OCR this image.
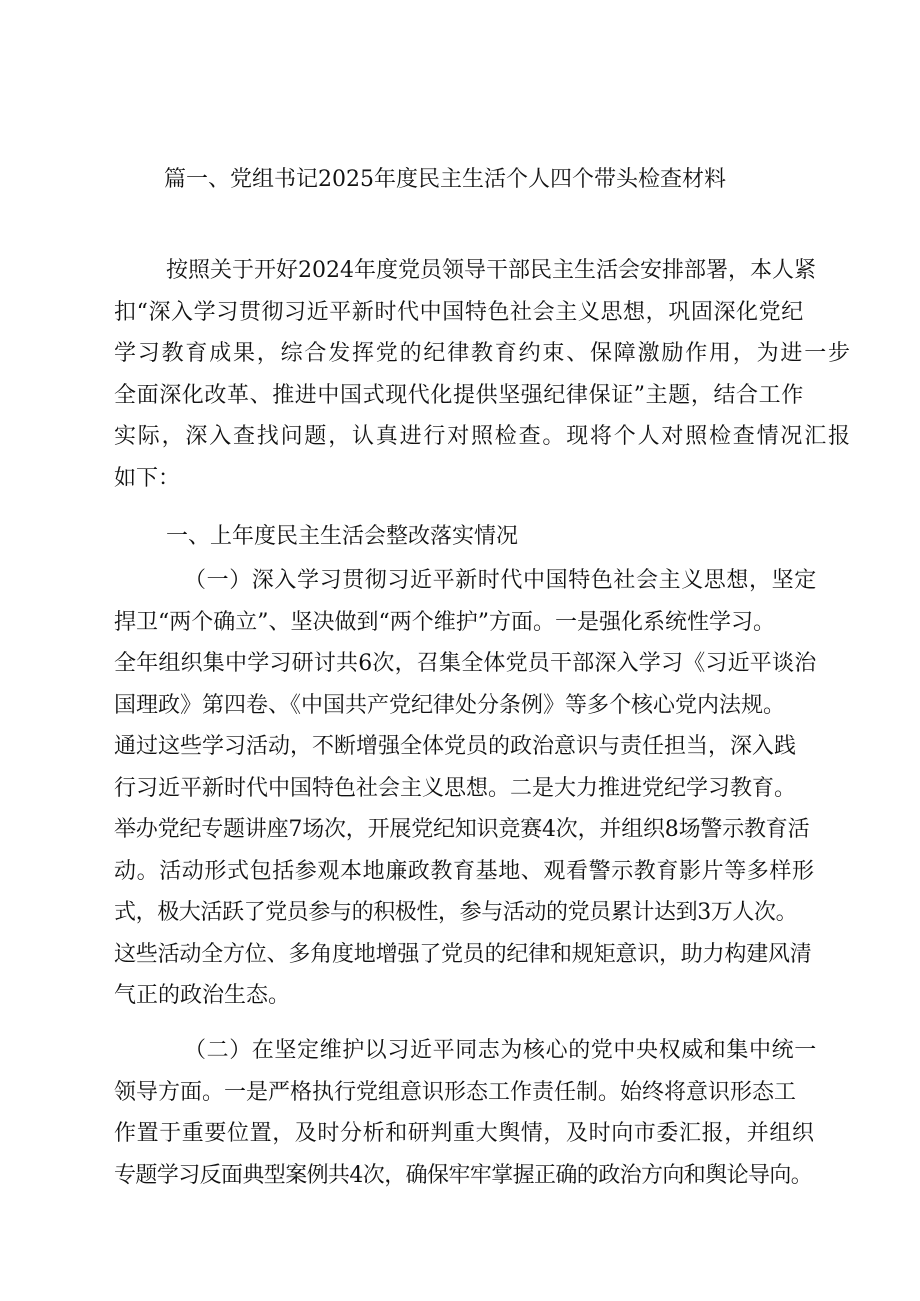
篇一、党组书记2025年度民主生活个人四个带头检查材料
按照关于开好2024年度党员领导干部民主生活会安排部署，本人紧
扣“深入学习贯彻习近平新时代中国特色社会主义思想，巩固深化党纪
学习教育成果，综合发挥党的纪律教育约束、保障激励作用，为进一步
全面深化改革、推进中国式现代化提供坚强纪律保证”主题，结合工作
实际，深入查找问题，认真进行对照检查。现将个人对照检查情况汇报
如下：
一、上年度民主生活会整改落实情况
（一）深入学习贯彻习近平新时代中国特色社会主义思想，坚定
捍卫“两个确立”、坚决做到“两个维护”方面。一是强化系统性学习。
全年组织集中学习研讨共6次，召集全体党员干部深入学习《习近平谈治
国理政》第四卷、《中国共产党纪律处分条例》等多个核心党内法规。
通过这些学习活动，不断增强全体党员的政治意识与责任担当，深入践
行习近平新时代中国特色社会主义思想。二是大力推进党纪学习教育。
举办党纪专题讲座7场次，开展党纪知识竞赛4次，并组织8场警示教育活
动。活动形式包括参观本地廉政教育基地、观看警示教育影片等多样形
式，极大活跃了党员参与的积极性，参与活动的党员累计达到3万人次。
这些活动全方位、多角度地增强了党员的纪律和规矩意识，助力构建风清
气正的政治生态。
（二）在坚定维护以习近平同志为核心的党中央权威和集中统一
领导方面。一是严格执行党组意识形态工作责任制。始终将意识形态工
作置于重要位置，及时分析和研判重大舆情，及时向市委汇报，并组织
专题学习反面典型案例共4次，确保牢牢掌握正确的政治方向和舆论导向。
